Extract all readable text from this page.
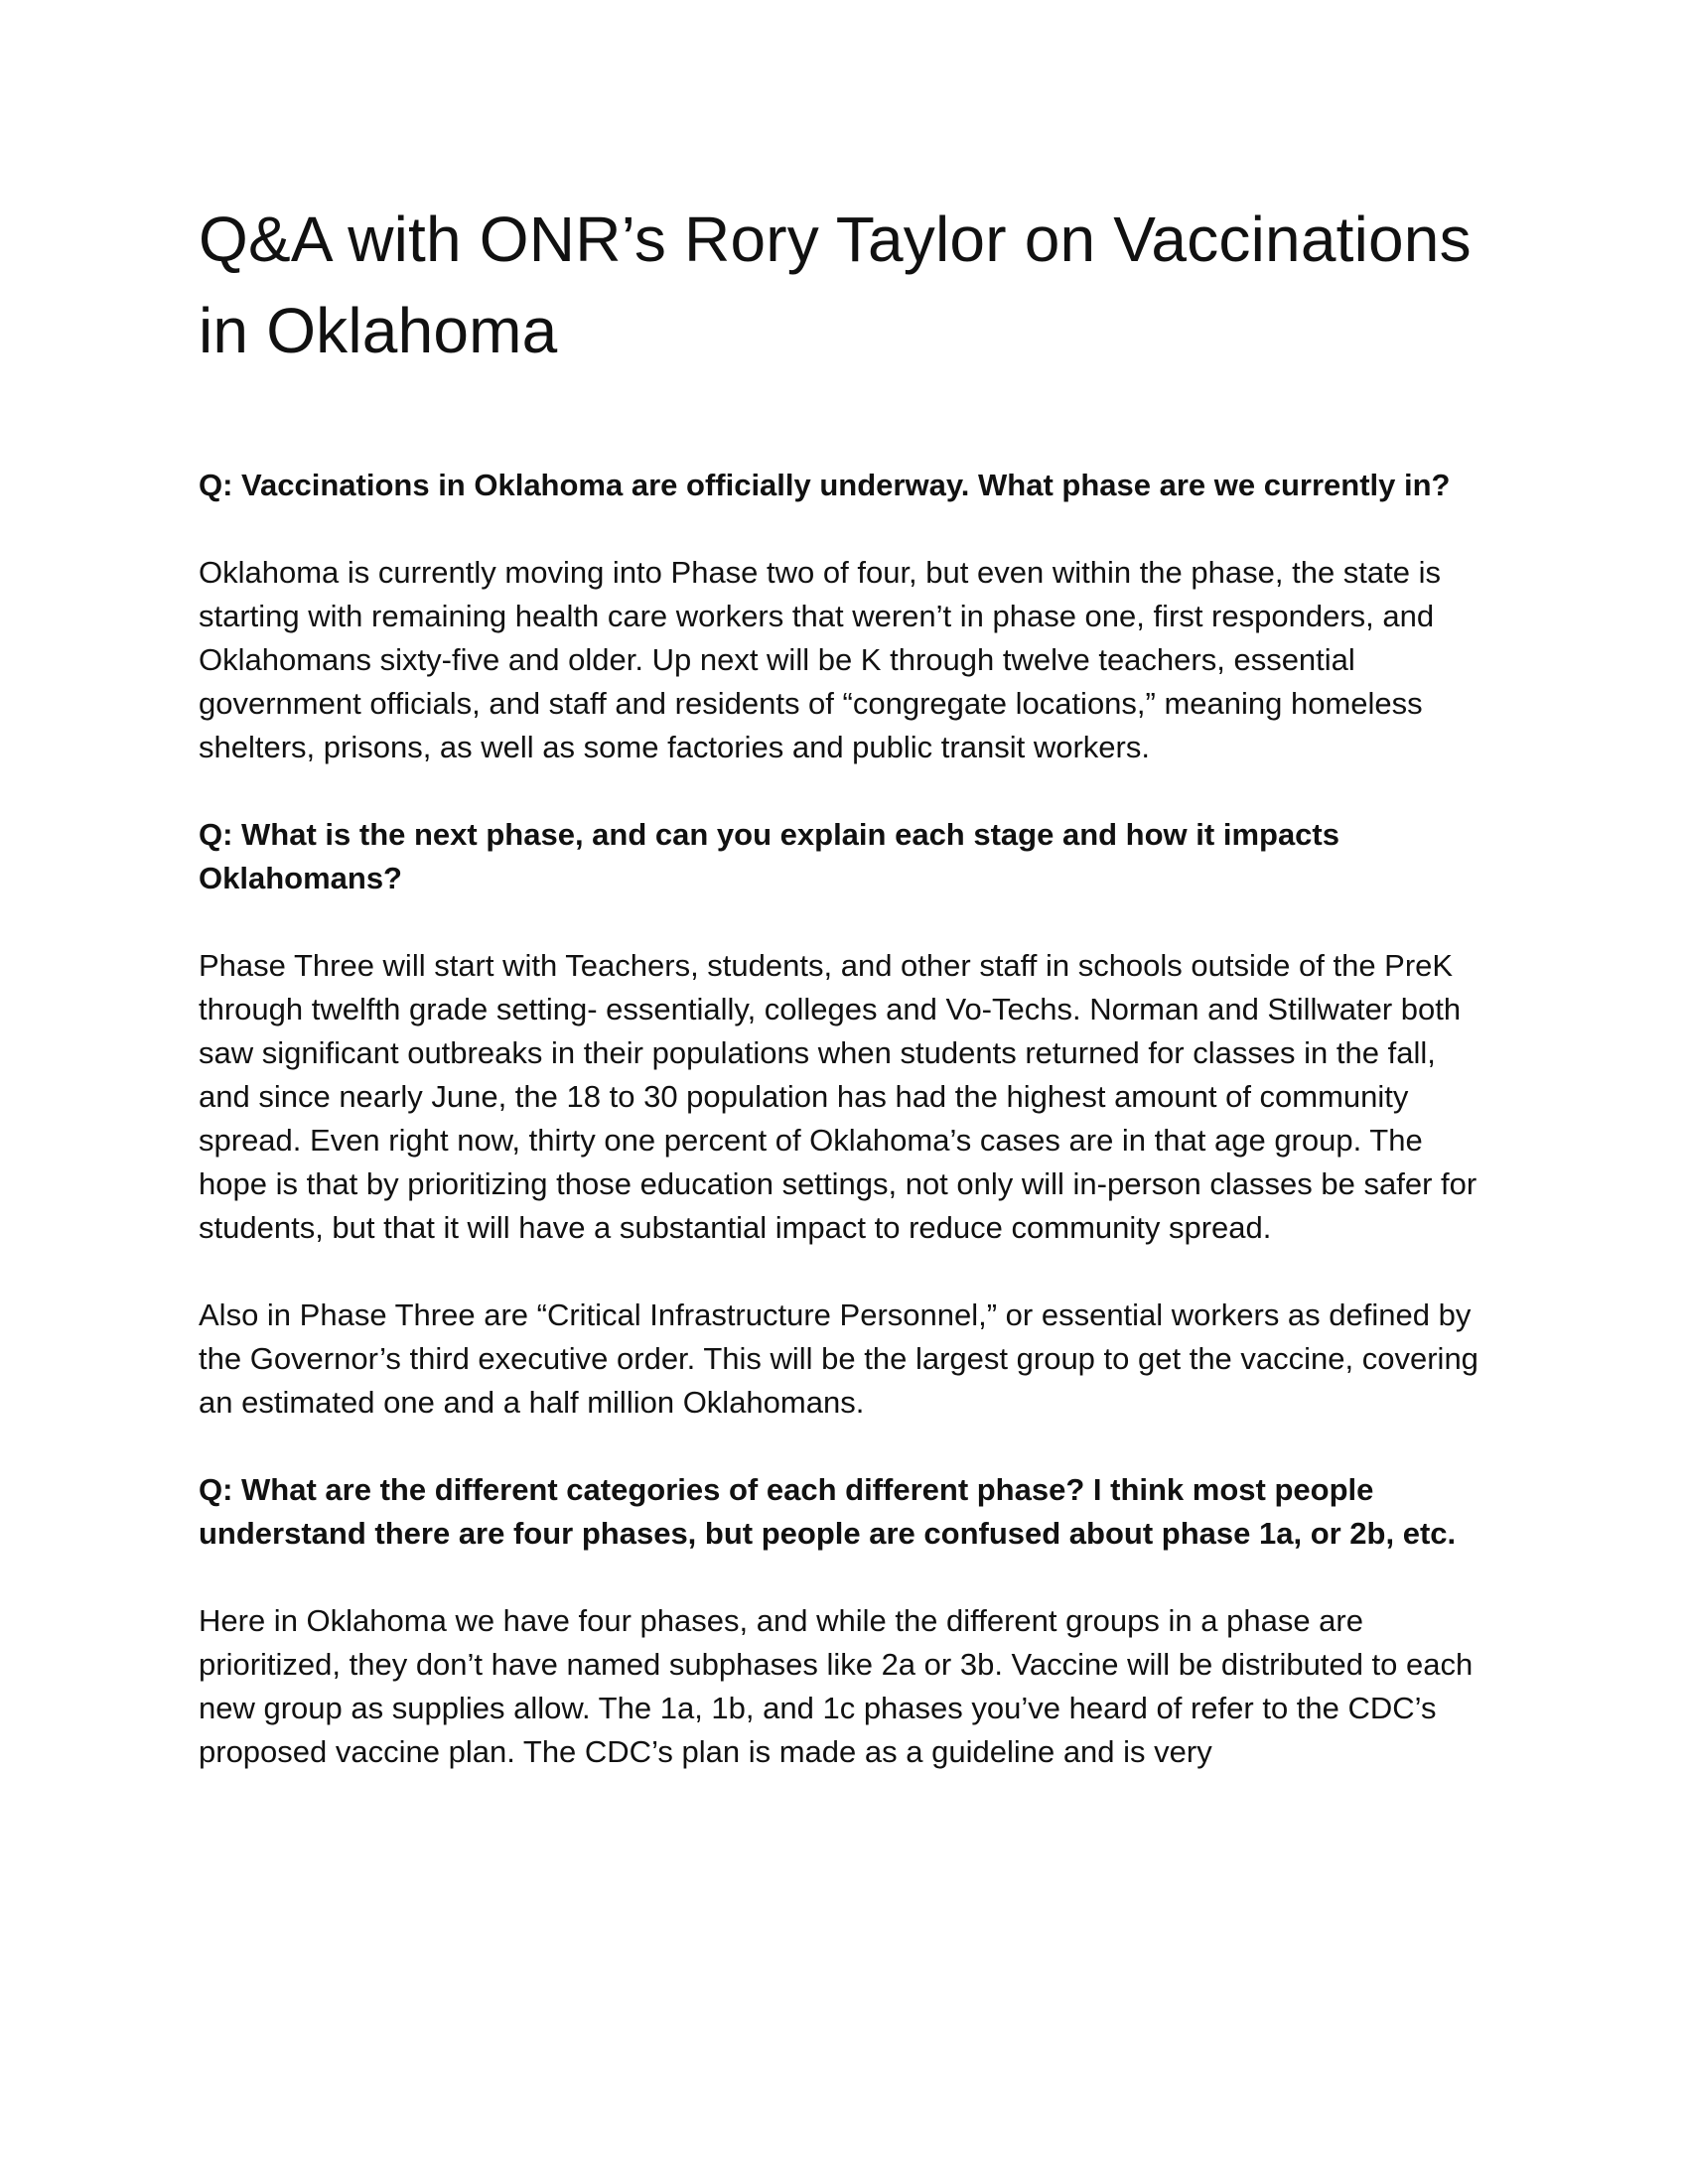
Q&A with ONR’s Rory Taylor on Vaccinations in Oklahoma

Q: Vaccinations in Oklahoma are officially underway. What phase are we currently in?

Oklahoma is currently moving into Phase two of four, but even within the phase, the state is starting with remaining health care workers that weren’t in phase one, first responders, and Oklahomans sixty-five and older. Up next will be K through twelve teachers, essential government officials, and staff and residents of “congregate locations,” meaning homeless shelters, prisons, as well as some factories and public transit workers.

Q: What is the next phase, and can you explain each stage and how it impacts Oklahomans?

Phase Three will start with Teachers, students, and other staff in schools outside of the PreK through twelfth grade setting- essentially, colleges and Vo-Techs. Norman and Stillwater both saw significant outbreaks in their populations when students returned for classes in the fall, and since nearly June, the 18 to 30 population has had the highest amount of community spread. Even right now, thirty one percent of Oklahoma’s cases are in that age group. The hope is that by prioritizing those education settings, not only will in-person classes be safer for students, but that it will have a substantial impact to reduce community spread.

Also in Phase Three are “Critical Infrastructure Personnel,” or essential workers as defined by the Governor’s third executive order. This will be the largest group to get the vaccine, covering an estimated one and a half million Oklahomans.

Q: What are the different categories of each different phase? I think most people understand there are four phases, but people are confused about phase 1a, or 2b, etc.

Here in Oklahoma we have four phases, and while the different groups in a phase are prioritized, they don’t have named subphases like 2a or 3b. Vaccine will be distributed to each new group as supplies allow. The 1a, 1b, and 1c phases you’ve heard of refer to the CDC’s proposed vaccine plan. The CDC’s plan is made as a guideline and is very
